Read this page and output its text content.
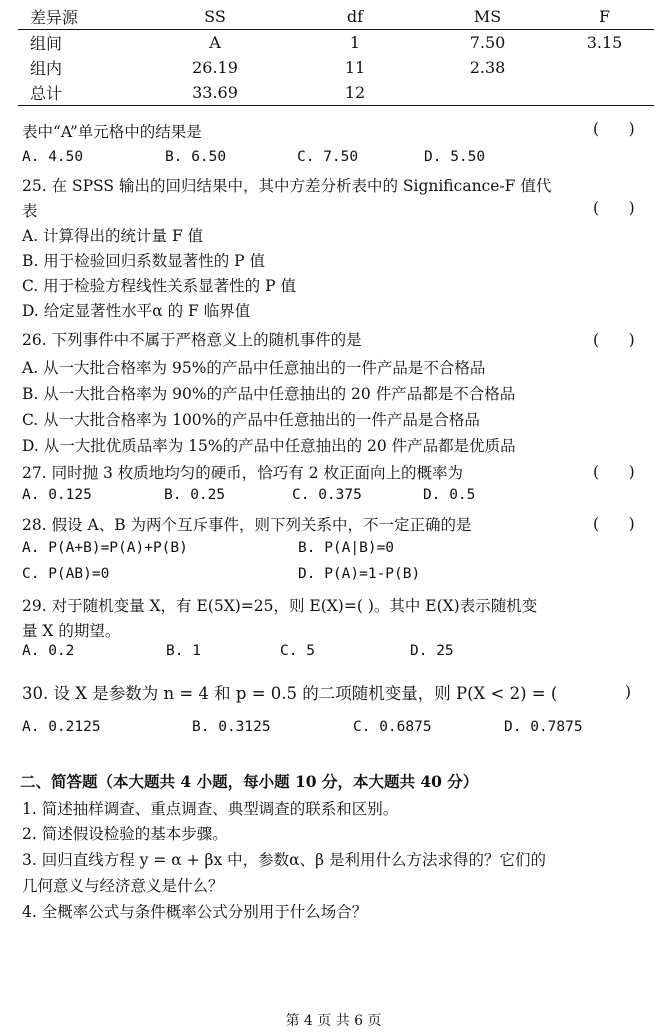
差异源	SS	df	MS	F
组间	A	1	7.50	3.15
组内	26.19	11	2.38	
总计	33.69	12		
表中“A”单元格中的结果是	(      )
A. 4.50	B. 6.50	C. 7.50	D. 5.50
25. 在 SPSS 输出的回归结果中，其中方差分析表中的 Significance-F 值代
表	(      )
A. 计算得出的统计量 F 值
B. 用于检验回归系数显著性的 P 值
C. 用于检验方程线性关系显著性的 P 值
D. 给定显著性水平α 的 F 临界值
26. 下列事件中不属于严格意义上的随机事件的是	(      )
A. 从一大批合格率为 95%的产品中任意抽出的一件产品是不合格品
B. 从一大批合格率为 90%的产品中任意抽出的 20 件产品都是不合格品
C. 从一大批合格率为 100%的产品中任意抽出的一件产品是合格品
D. 从一大批优质品率为 15%的产品中任意抽出的 20 件产品都是优质品
27. 同时抛 3 枚质地均匀的硬币，恰巧有 2 枚正面向上的概率为	(      )
A. 0.125	B. 0.25	C. 0.375	D. 0.5
28. 假设 A、B 为两个互斥事件，则下列关系中，不一定正确的是	(      )
A. P(A+B)=P(A)+P(B)	B. P(A|B)=0
C. P(AB)=0	D. P(A)=1-P(B)
29. 对于随机变量 X，有 E(5X)=25，则 E(X)=( )。其中 E(X)表示随机变
量 X 的期望。
A. 0.2	B. 1	C. 5	D. 25
30. 设 X 是参数为 n = 4 和 p = 0.5 的二项随机变量，则 P(X < 2) = (	)
A. 0.2125	B. 0.3125	C. 0.6875	D. 0.7875
二、简答题（本大题共 4 小题，每小题 10 分，本大题共 40 分）
1. 简述抽样调查、重点调查、典型调查的联系和区别。
2. 简述假设检验的基本步骤。
3. 回归直线方程 y = α + βx 中，参数α、β 是利用什么方法求得的？它们的
几何意义与经济意义是什么？
4. 全概率公式与条件概率公式分别用于什么场合？
第 4 页 共 6 页
